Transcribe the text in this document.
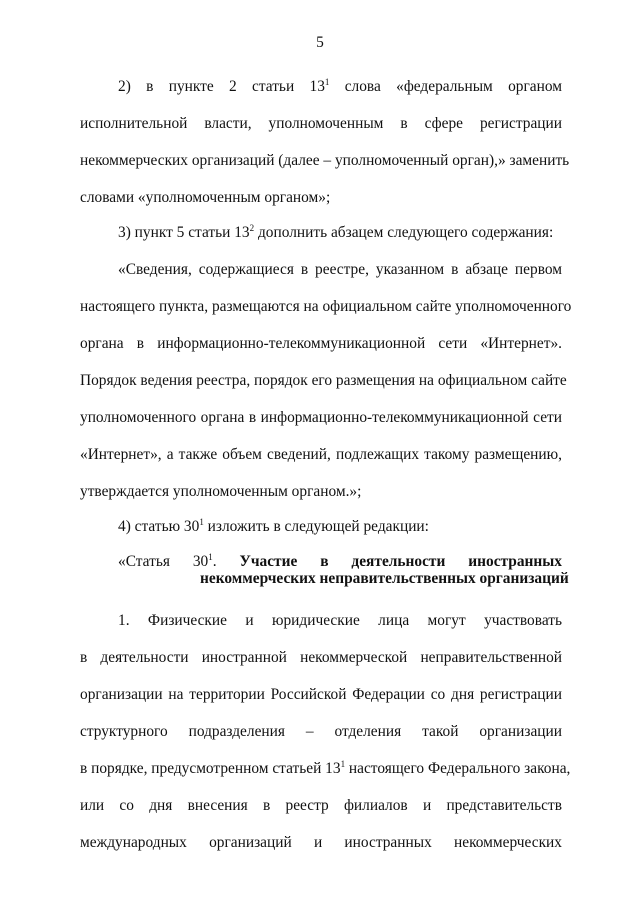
5
2) в пункте 2 статьи $13^1$ слова «федеральным органом
исполнительной власти, уполномоченным в сфере регистрации
некоммерческих организаций (далее – уполномоченный орган),» заменить
словами «уполномоченным органом»;
3) пункт 5 статьи $13^2$ дополнить абзацем следующего содержания:
«Сведения, содержащиеся в реестре, указанном в абзаце первом
настоящего пункта, размещаются на официальном сайте уполномоченного
органа в информационно-телекоммуникационной сети «Интернет».
Порядок ведения реестра, порядок его размещения на официальном сайте
уполномоченного органа в информационно-телекоммуникационной сети
«Интернет», а также объем сведений, подлежащих такому размещению,
утверждается уполномоченным органом.»;
4) статью $30^1$ изложить в следующей редакции:
«Статья $30^1$. Участие в деятельности иностранных
некоммерческих неправительственных организаций
1. Физические и юридические лица могут участвовать
в деятельности иностранной некоммерческой неправительственной
организации на территории Российской Федерации со дня регистрации
структурного подразделения – отделения такой организации
в порядке, предусмотренном статьей $13^1$ настоящего Федерального закона,
или со дня внесения в реестр филиалов и представительств
международных организаций и иностранных некоммерческих
